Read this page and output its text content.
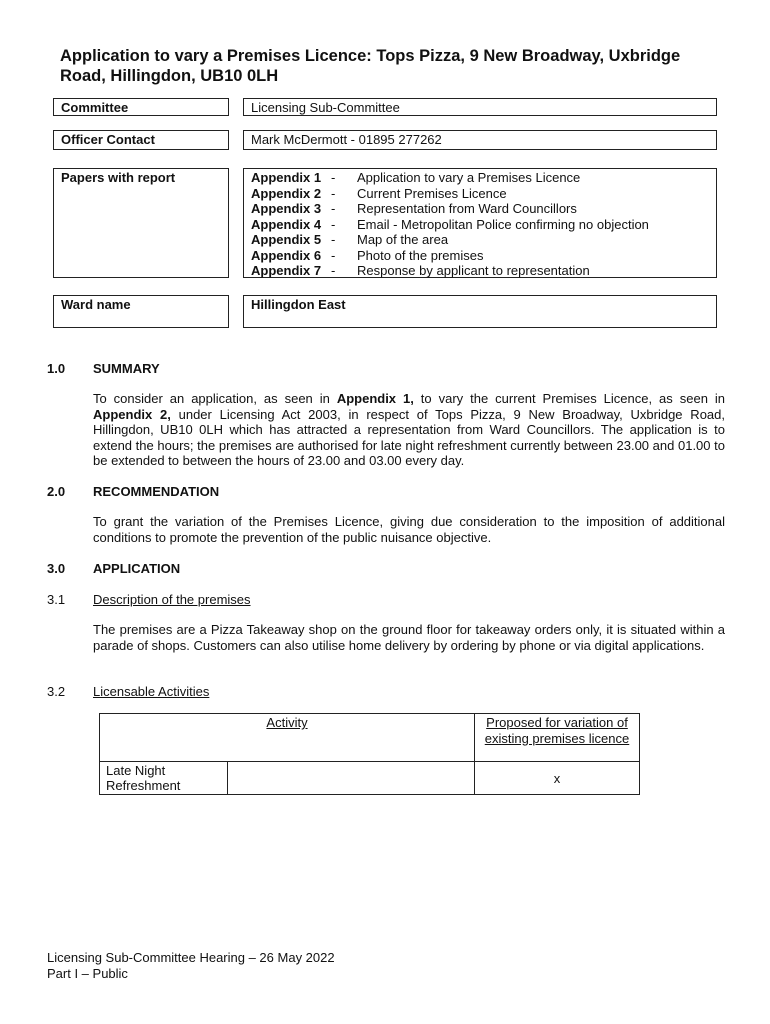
Application to vary a Premises Licence: Tops Pizza, 9 New Broadway, Uxbridge Road, Hillingdon, UB10 0LH
Committee	Licensing Sub-Committee
Officer Contact	Mark McDermott - 01895 277262
Papers with report	Appendix 1 - Application to vary a Premises Licence
Appendix 2 - Current Premises Licence
Appendix 3 - Representation from Ward Councillors
Appendix 4 - Email - Metropolitan Police confirming no objection
Appendix 5 - Map of the area
Appendix 6 - Photo of the premises
Appendix 7 - Response by applicant to representation
Ward name	Hillingdon East
1.0 SUMMARY
To consider an application, as seen in Appendix 1, to vary the current Premises Licence, as seen in Appendix 2, under Licensing Act 2003, in respect of Tops Pizza, 9 New Broadway, Uxbridge Road, Hillingdon, UB10 0LH which has attracted a representation from Ward Councillors. The application is to extend the hours; the premises are authorised for late night refreshment currently between 23.00 and 01.00 to be extended to between the hours of 23.00 and 03.00 every day.
2.0 RECOMMENDATION
To grant the variation of the Premises Licence, giving due consideration to the imposition of additional conditions to promote the prevention of the public nuisance objective.
3.0 APPLICATION
3.1 Description of the premises
The premises are a Pizza Takeaway shop on the ground floor for takeaway orders only, it is situated within a parade of shops. Customers can also utilise home delivery by ordering by phone or via digital applications.
3.2 Licensable Activities
Activity		Proposed for variation of existing premises licence
Late Night Refreshment		x
Licensing Sub-Committee Hearing – 26 May 2022
Part I – Public
